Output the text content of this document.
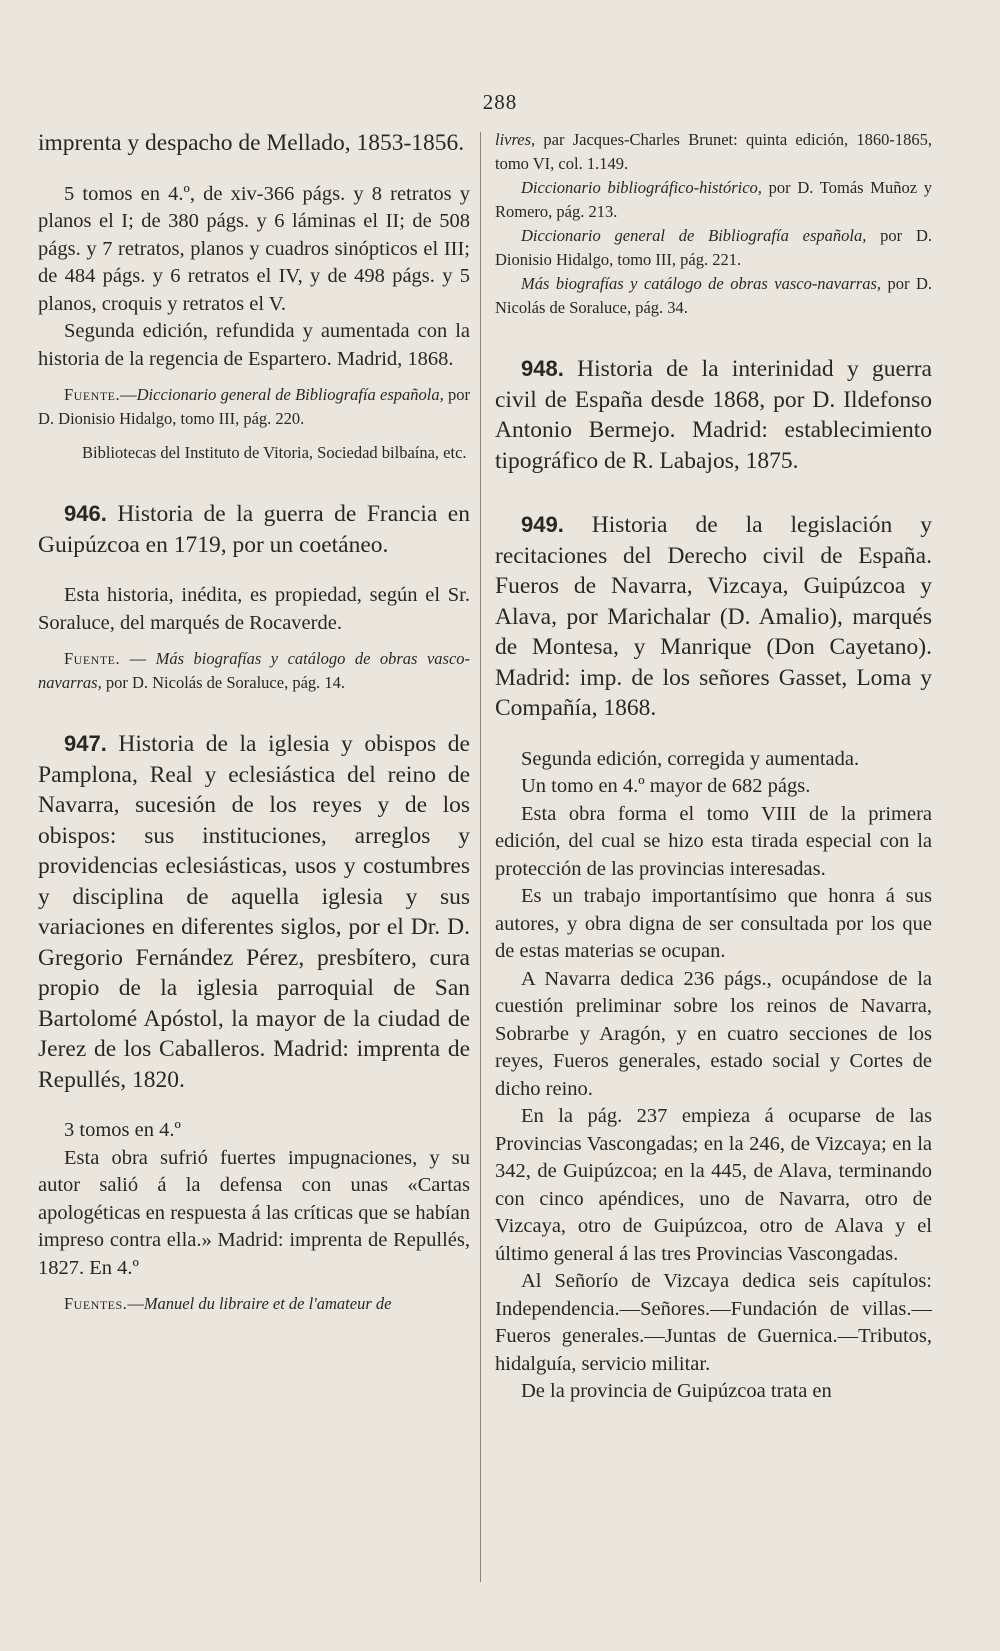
288

imprenta y despacho de Mellado, 1853-1856.

5 tomos en 4.º, de xiv-366 págs. y 8 retratos y planos el I; de 380 págs. y 6 láminas el II; de 508 págs. y 7 retratos, planos y cuadros sinópticos el III; de 484 págs. y 6 retratos el IV, y de 498 págs. y 5 planos, croquis y retratos el V.

Segunda edición, refundida y aumentada con la historia de la regencia de Espartero. Madrid, 1868.

Fuente.—Diccionario general de Bibliografía española, por D. Dionisio Hidalgo, tomo III, pág. 220.

Bibliotecas del Instituto de Vitoria, Sociedad bilbaína, etc.

946. Historia de la guerra de Francia en Guipúzcoa en 1719, por un coetáneo.

Esta historia, inédita, es propiedad, según el Sr. Soraluce, del marqués de Rocaverde.

Fuente. — Más biografías y catálogo de obras vasco-navarras, por D. Nicolás de Soraluce, pág. 14.

947. Historia de la iglesia y obispos de Pamplona, Real y eclesiástica del reino de Navarra, sucesión de los reyes y de los obispos: sus instituciones, arreglos y providencias eclesiásticas, usos y costumbres y disciplina de aquella iglesia y sus variaciones en diferentes siglos, por el Dr. D. Gregorio Fernández Pérez, presbítero, cura propio de la iglesia parroquial de San Bartolomé Apóstol, la mayor de la ciudad de Jerez de los Caballeros. Madrid: imprenta de Repullés, 1820.

3 tomos en 4.º

Esta obra sufrió fuertes impugnaciones, y su autor salió á la defensa con unas «Cartas apologéticas en respuesta á las críticas que se habían impreso contra ella.» Madrid: imprenta de Repullés, 1827. En 4.º

Fuentes.—Manuel du libraire et de l'amateur de

livres, par Jacques-Charles Brunet: quinta edición, 1860-1865, tomo VI, col. 1.149.

Diccionario bibliográfico-histórico, por D. Tomás Muñoz y Romero, pág. 213.

Diccionario general de Bibliografía española, por D. Dionisio Hidalgo, tomo III, pág. 221.

Más biografías y catálogo de obras vasco-navarras, por D. Nicolás de Soraluce, pág. 34.

948. Historia de la interinidad y guerra civil de España desde 1868, por D. Ildefonso Antonio Bermejo. Madrid: establecimiento tipográfico de R. Labajos, 1875.

949. Historia de la legislación y recitaciones del Derecho civil de España. Fueros de Navarra, Vizcaya, Guipúzcoa y Alava, por Marichalar (D. Amalio), marqués de Montesa, y Manrique (Don Cayetano). Madrid: imp. de los señores Gasset, Loma y Compañía, 1868.

Segunda edición, corregida y aumentada.

Un tomo en 4.º mayor de 682 págs.

Esta obra forma el tomo VIII de la primera edición, del cual se hizo esta tirada especial con la protección de las provincias interesadas.

Es un trabajo importantísimo que honra á sus autores, y obra digna de ser consultada por los que de estas materias se ocupan.

A Navarra dedica 236 págs., ocupándose de la cuestión preliminar sobre los reinos de Navarra, Sobrarbe y Aragón, y en cuatro secciones de los reyes, Fueros generales, estado social y Cortes de dicho reino.

En la pág. 237 empieza á ocuparse de las Provincias Vascongadas; en la 246, de Vizcaya; en la 342, de Guipúzcoa; en la 445, de Alava, terminando con cinco apéndices, uno de Navarra, otro de Vizcaya, otro de Guipúzcoa, otro de Alava y el último general á las tres Provincias Vascongadas.

Al Señorío de Vizcaya dedica seis capítulos: Independencia.—Señores.—Fundación de villas.—Fueros generales.—Juntas de Guernica.—Tributos, hidalguía, servicio militar.

De la provincia de Guipúzcoa trata en
